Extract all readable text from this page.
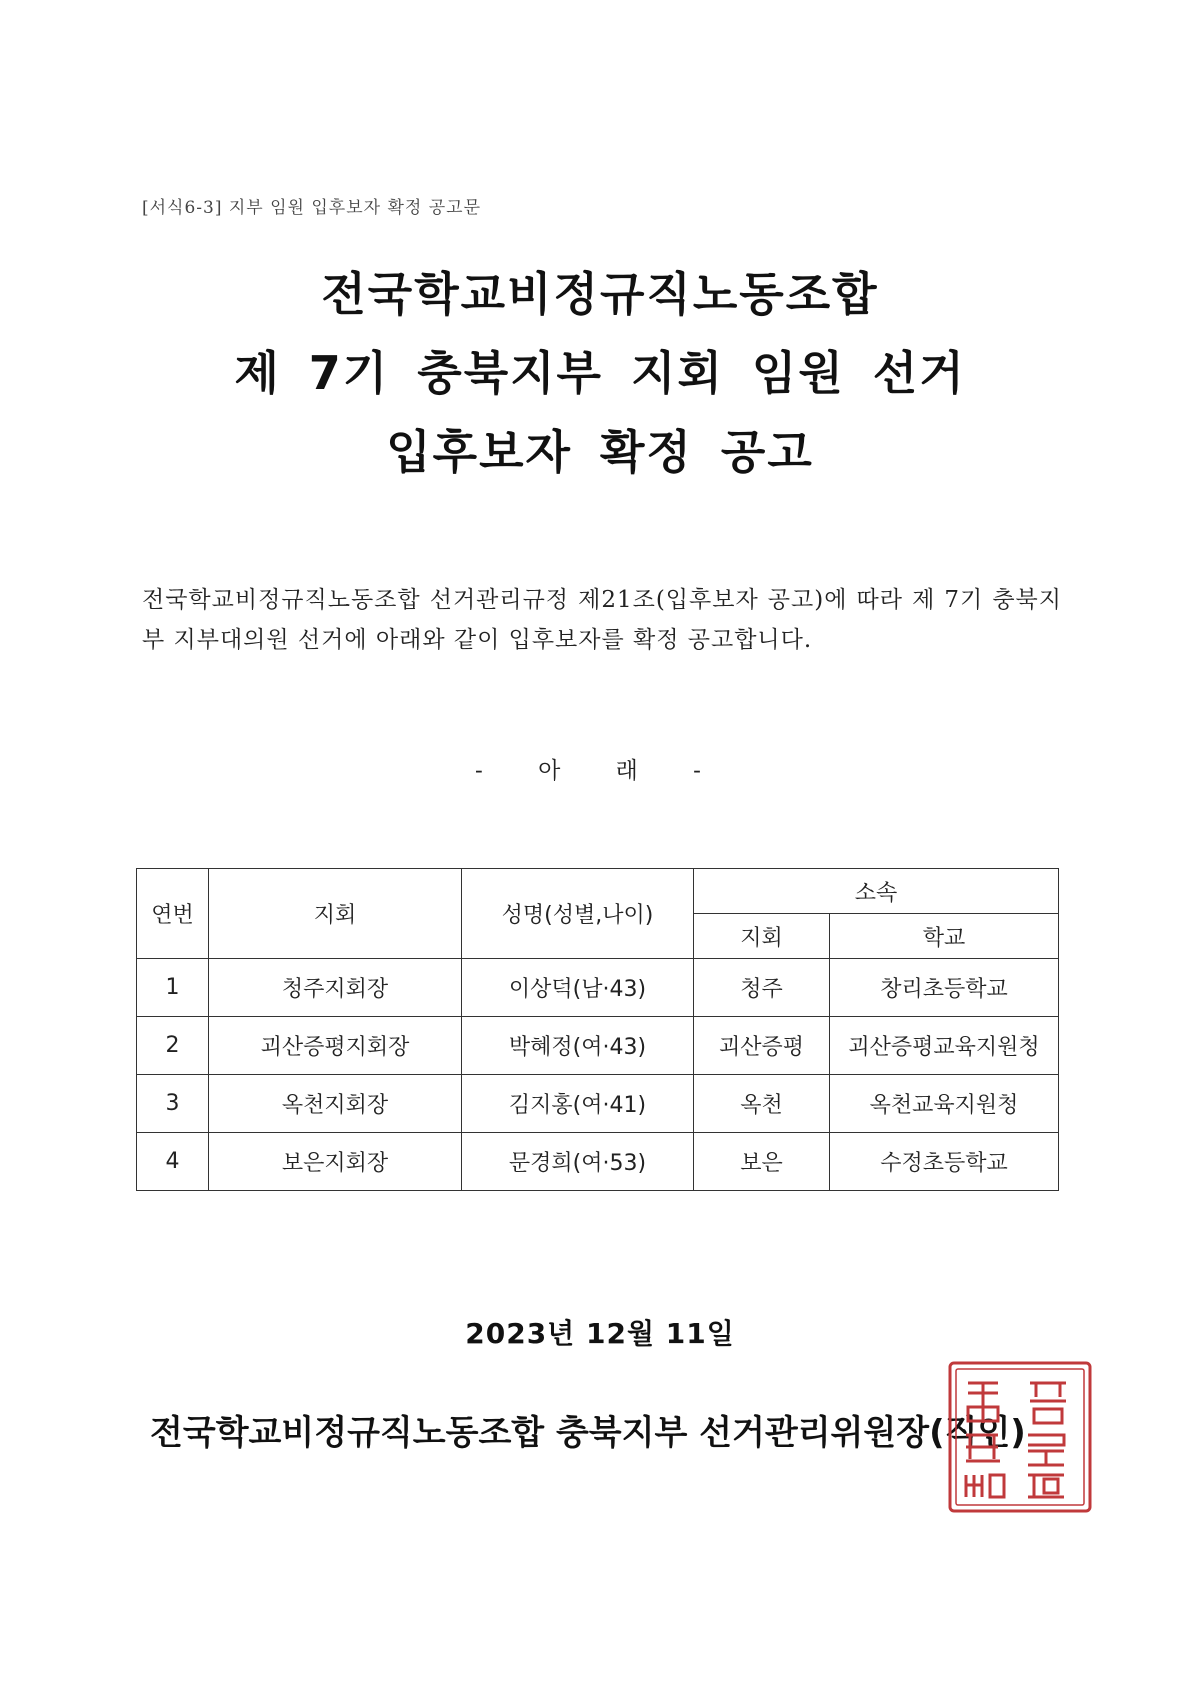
[서식6-3] 지부 임원 입후보자 확정 공고문
전국학교비정규직노동조합
제 7기 충북지부 지회 임원 선거
입후보자 확정 공고
전국학교비정규직노동조합 선거관리규정 제21조(입후보자 공고)에 따라 제 7기 충북지부 지부대의원 선거에 아래와 같이 입후보자를 확정 공고합니다.
- 아 래 -
연번	지회	성명(성별,나이)	소속	
			지회	학교
1	청주지회장	이상덕(남·43)	청주	창리초등학교
2	괴산증평지회장	박혜정(여·43)	괴산증평	괴산증평교육지원청
3	옥천지회장	김지홍(여·41)	옥천	옥천교육지원청
4	보은지회장	문경희(여·53)	보은	수정초등학교
2023년 12월 11일
전국학교비정규직노동조합 충북지부 선거관리위원장(직인)
